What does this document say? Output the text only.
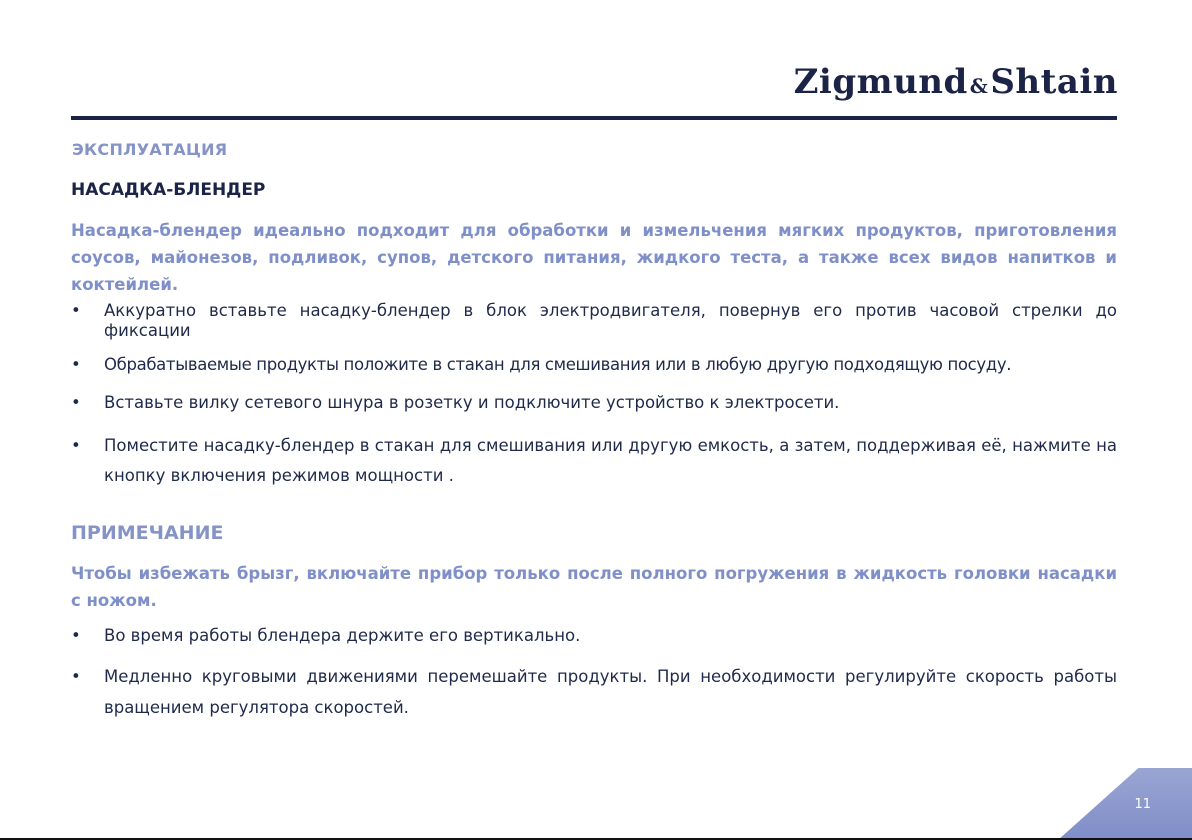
Zigmund &Shtain
ЭКСПЛУАТАЦИЯ
НАСАДКА-БЛЕНДЕР
Насадка-блендер идеально подходит для обработки и измельчения мягких продуктов, приготовления соусов, майонезов, подливок, супов, детского питания, жидкого теста, а также всех видов напитков и коктейлей.
• Аккуратно вставьте насадку-блендер в блок электродвигателя, повернув его против часовой стрелки до фиксации
• Обрабатываемые продукты положите в стакан для смешивания или в любую другую подходящую посуду.
• Вставьте вилку сетевого шнура в розетку и подключите устройство к электросети.
• Поместите насадку-блендер в стакан для смешивания или другую емкость, а затем, поддерживая её, нажмите на кнопку включения режимов мощности .
ПРИМЕЧАНИЕ
Чтобы избежать брызг, включайте прибор только после полного погружения в жидкость головки насадки с ножом.
• Во время работы блендера держите его вертикально.
• Медленно круговыми движениями перемешайте продукты. При необходимости регулируйте скорость работы вращением регулятора скоростей.
11
